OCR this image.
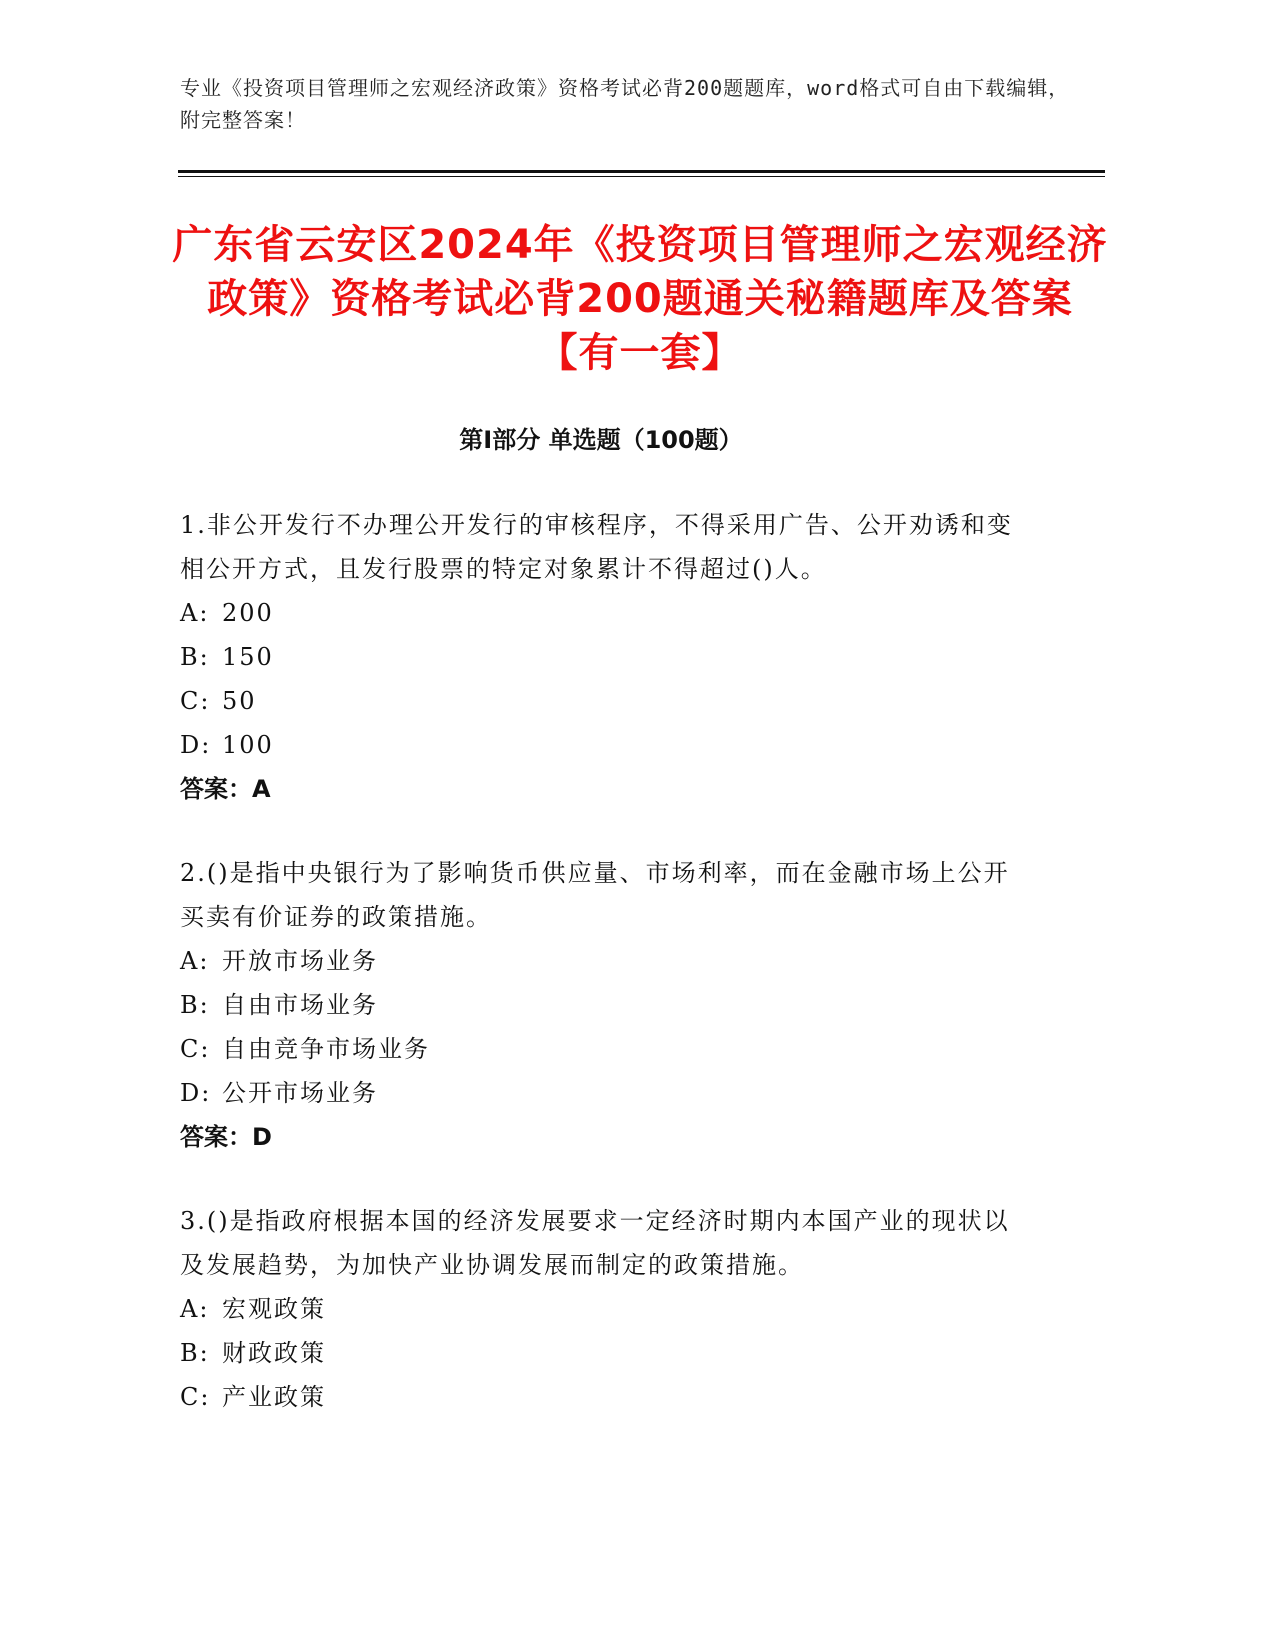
专业《投资项目管理师之宏观经济政策》资格考试必背200题题库，word格式可自由下载编辑，附完整答案！
广东省云安区2024年《投资项目管理师之宏观经济政策》资格考试必背200题通关秘籍题库及答案【有一套】
第I部分 单选题（100题）
1.非公开发行不办理公开发行的审核程序，不得采用广告、公开劝诱和变相公开方式，且发行股票的特定对象累计不得超过()人。
A: 200
B: 150
C: 50
D: 100
答案：A
2.()是指中央银行为了影响货币供应量、市场利率，而在金融市场上公开买卖有价证券的政策措施。
A: 开放市场业务
B: 自由市场业务
C: 自由竞争市场业务
D: 公开市场业务
答案：D
3.()是指政府根据本国的经济发展要求一定经济时期内本国产业的现状以及发展趋势，为加快产业协调发展而制定的政策措施。
A: 宏观政策
B: 财政政策
C: 产业政策
